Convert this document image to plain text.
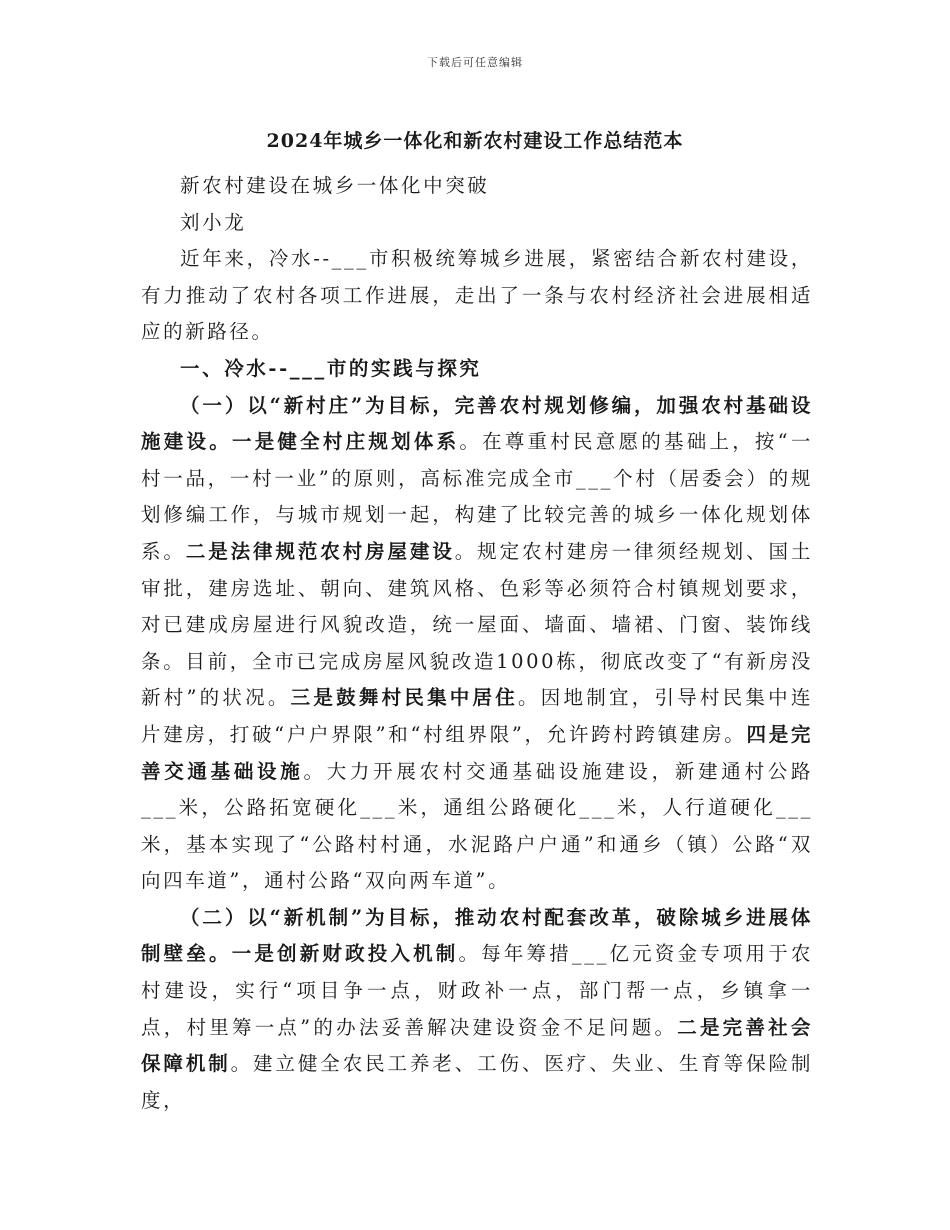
下载后可任意编辑
2024年城乡一体化和新农村建设工作总结范本

新农村建设在城乡一体化中突破

刘小龙

近年来，冷水--___市积极统筹城乡进展，紧密结合新农村建设，有力推动了农村各项工作进展，走出了一条与农村经济社会进展相适应的新路径。

一、冷水--___市的实践与探究

（一）以“新村庄”为目标，完善农村规划修编，加强农村基础设施建设。一是健全村庄规划体系。在尊重村民意愿的基础上，按“一村一品，一村一业”的原则，高标准完成全市___个村（居委会）的规划修编工作，与城市规划一起，构建了比较完善的城乡一体化规划体系。二是法律规范农村房屋建设。规定农村建房一律须经规划、国土审批，建房选址、朝向、建筑风格、色彩等必须符合村镇规划要求，对已建成房屋进行风貌改造，统一屋面、墙面、墙裙、门窗、装饰线条。目前，全市已完成房屋风貌改造1000栋，彻底改变了“有新房没新村”的状况。三是鼓舞村民集中居住。因地制宜，引导村民集中连片建房，打破“户户界限”和“村组界限”，允许跨村跨镇建房。四是完善交通基础设施。大力开展农村交通基础设施建设，新建通村公路___米，公路拓宽硬化___米，通组公路硬化___米，人行道硬化___米，基本实现了“公路村村通，水泥路户户通”和通乡（镇）公路“双向四车道”，通村公路“双向两车道”。

（二）以“新机制”为目标，推动农村配套改革，破除城乡进展体制壁垒。一是创新财政投入机制。每年筹措___亿元资金专项用于农村建设，实行“项目争一点，财政补一点，部门帮一点，乡镇拿一点，村里筹一点”的办法妥善解决建设资金不足问题。二是完善社会保障机制。建立健全农民工养老、工伤、医疗、失业、生育等保险制度，
